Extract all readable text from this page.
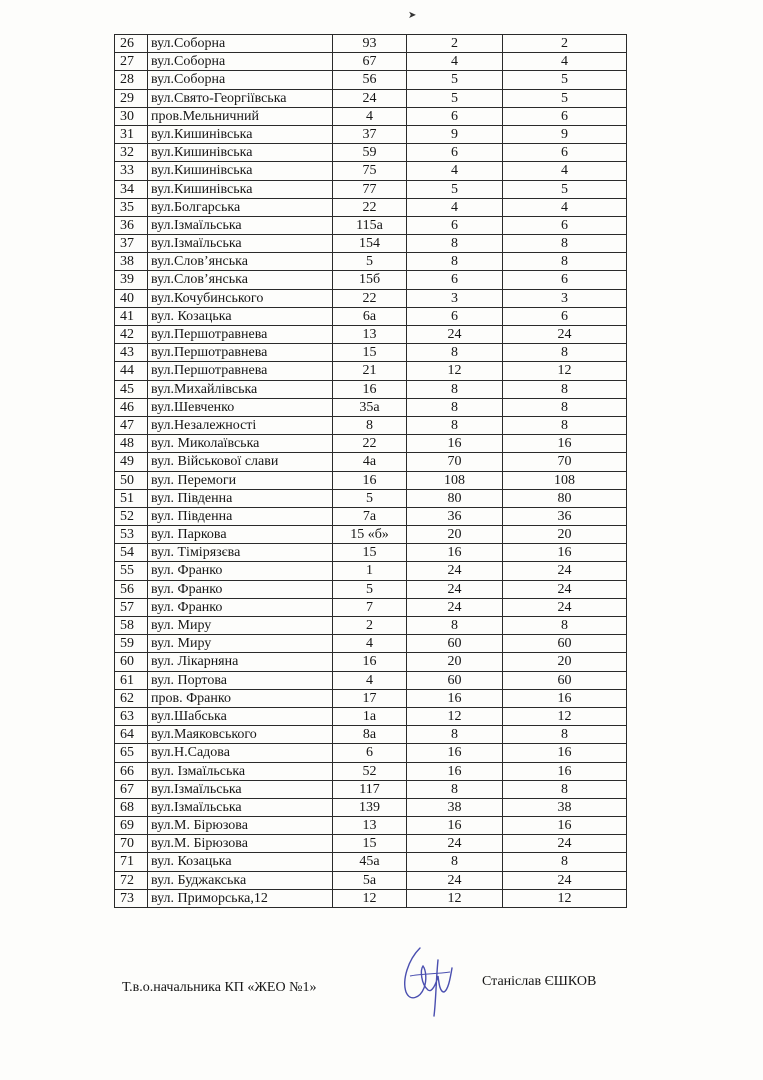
➤
26	вул.Соборна	93	2	2
27	вул.Соборна	67	4	4
28	вул.Соборна	56	5	5
29	вул.Свято-Георгіївська	24	5	5
30	пров.Мельничний	4	6	6
31	вул.Кишинівська	37	9	9
32	вул.Кишинівська	59	6	6
33	вул.Кишинівська	75	4	4
34	вул.Кишинівська	77	5	5
35	вул.Болгарська	22	4	4
36	вул.Ізмаїльська	115а	6	6
37	вул.Ізмаїльська	154	8	8
38	вул.Слов’янська	5	8	8
39	вул.Слов’янська	15б	6	6
40	вул.Кочубинського	22	3	3
41	вул. Козацька	6а	6	6
42	вул.Першотравнева	13	24	24
43	вул.Першотравнева	15	8	8
44	вул.Першотравнева	21	12	12
45	вул.Михайлівська	16	8	8
46	вул.Шевченко	35а	8	8
47	вул.Незалежності	8	8	8
48	вул. Миколаївська	22	16	16
49	вул. Військової слави	4а	70	70
50	вул. Перемоги	16	108	108
51	вул. Південна	5	80	80
52	вул. Південна	7а	36	36
53	вул. Паркова	15 «б»	20	20
54	вул. Тімірязєва	15	16	16
55	вул. Франко	1	24	24
56	вул. Франко	5	24	24
57	вул. Франко	7	24	24
58	вул. Миру	2	8	8
59	вул. Миру	4	60	60
60	вул. Лікарняна	16	20	20
61	вул. Портова	4	60	60
62	пров. Франко	17	16	16
63	вул.Шабська	1а	12	12
64	вул.Маяковського	8а	8	8
65	вул.Н.Садова	6	16	16
66	вул. Ізмаїльська	52	16	16
67	вул.Ізмаїльська	117	8	8
68	вул.Ізмаїльська	139	38	38
69	вул.М. Бірюзова	13	16	16
70	вул.М. Бірюзова	15	24	24
71	вул. Козацька	45а	8	8
72	вул. Буджакська	5а	24	24
73	вул. Приморська,12	12	12	12
Т.в.о.начальника КП «ЖЕО №1»	Станіслав ЄШКОВ
